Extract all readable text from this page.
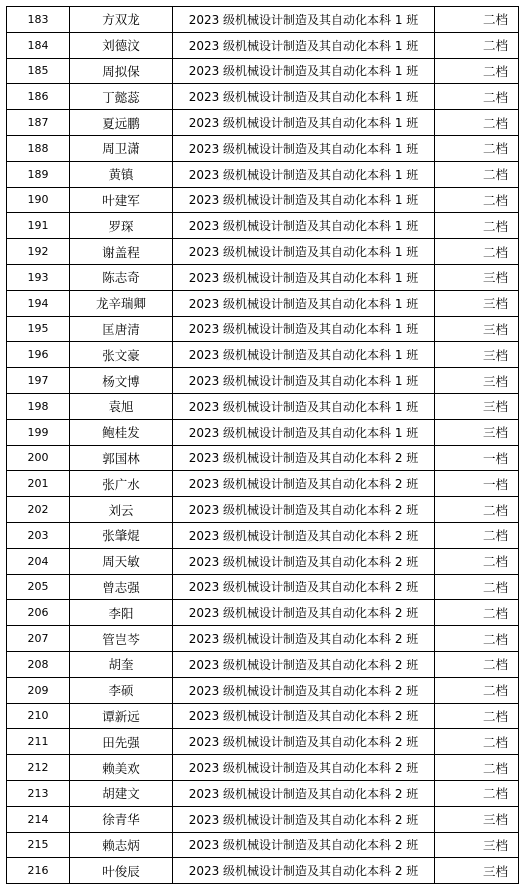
183	方双龙	2023 级机械设计制造及其自动化本科 1 班	二档
184	刘德汶	2023 级机械设计制造及其自动化本科 1 班	二档
185	周拟保	2023 级机械设计制造及其自动化本科 1 班	二档
186	丁懿蕊	2023 级机械设计制造及其自动化本科 1 班	二档
187	夏远鹏	2023 级机械设计制造及其自动化本科 1 班	二档
188	周卫潇	2023 级机械设计制造及其自动化本科 1 班	二档
189	黄镇	2023 级机械设计制造及其自动化本科 1 班	二档
190	叶建军	2023 级机械设计制造及其自动化本科 1 班	二档
191	罗琛	2023 级机械设计制造及其自动化本科 1 班	二档
192	谢盖程	2023 级机械设计制造及其自动化本科 1 班	二档
193	陈志奇	2023 级机械设计制造及其自动化本科 1 班	三档
194	龙辛瑞卿	2023 级机械设计制造及其自动化本科 1 班	三档
195	匡唐清	2023 级机械设计制造及其自动化本科 1 班	三档
196	张文豪	2023 级机械设计制造及其自动化本科 1 班	三档
197	杨文博	2023 级机械设计制造及其自动化本科 1 班	三档
198	袁旭	2023 级机械设计制造及其自动化本科 1 班	三档
199	鲍桂发	2023 级机械设计制造及其自动化本科 1 班	三档
200	郭国林	2023 级机械设计制造及其自动化本科 2 班	一档
201	张广水	2023 级机械设计制造及其自动化本科 2 班	一档
202	刘云	2023 级机械设计制造及其自动化本科 2 班	二档
203	张肇焜	2023 级机械设计制造及其自动化本科 2 班	二档
204	周天敏	2023 级机械设计制造及其自动化本科 2 班	二档
205	曾志强	2023 级机械设计制造及其自动化本科 2 班	二档
206	李阳	2023 级机械设计制造及其自动化本科 2 班	二档
207	管岂芩	2023 级机械设计制造及其自动化本科 2 班	二档
208	胡奎	2023 级机械设计制造及其自动化本科 2 班	二档
209	李硕	2023 级机械设计制造及其自动化本科 2 班	二档
210	谭新远	2023 级机械设计制造及其自动化本科 2 班	二档
211	田先强	2023 级机械设计制造及其自动化本科 2 班	二档
212	赖美欢	2023 级机械设计制造及其自动化本科 2 班	二档
213	胡建文	2023 级机械设计制造及其自动化本科 2 班	二档
214	徐青华	2023 级机械设计制造及其自动化本科 2 班	三档
215	赖志炳	2023 级机械设计制造及其自动化本科 2 班	三档
216	叶俊辰	2023 级机械设计制造及其自动化本科 2 班	三档
